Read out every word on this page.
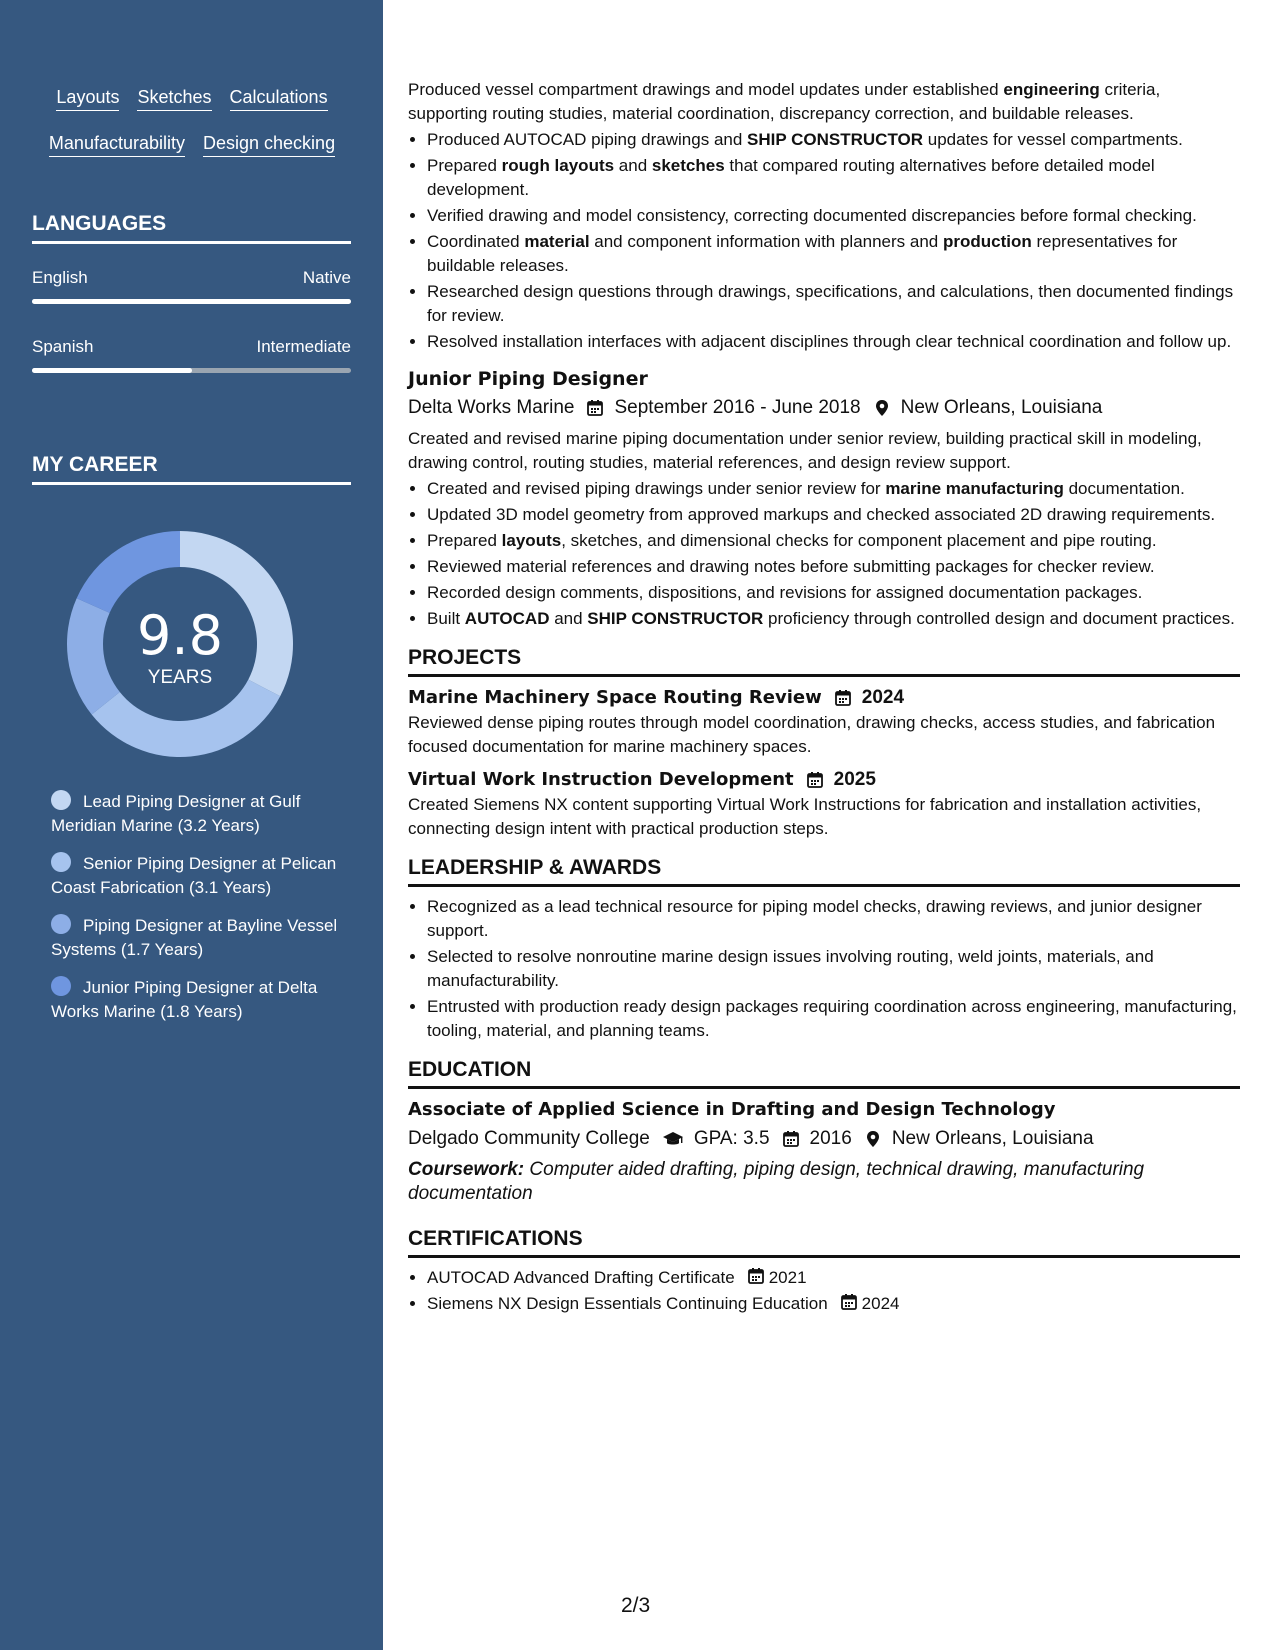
Layouts Sketches Calculations
Manufacturability Design checking
LANGUAGES
English	Native
Spanish	Intermediate
MY CAREER
9.8
YEARS
Lead Piping Designer at Gulf Meridian Marine (3.2 Years)
Senior Piping Designer at Pelican Coast Fabrication (3.1 Years)
Piping Designer at Bayline Vessel Systems (1.7 Years)
Junior Piping Designer at Delta Works Marine (1.8 Years)

Produced vessel compartment drawings and model updates under established engineering criteria, supporting routing studies, material coordination, discrepancy correction, and buildable releases.

• Produced AUTOCAD piping drawings and SHIP CONSTRUCTOR updates for vessel compartments.
• Prepared rough layouts and sketches that compared routing alternatives before detailed model development.
• Verified drawing and model consistency, correcting documented discrepancies before formal checking.
• Coordinated material and component information with planners and production representatives for buildable releases.
• Researched design questions through drawings, specifications, and calculations, then documented findings for review.
• Resolved installation interfaces with adjacent disciplines through clear technical coordination and follow up.
Junior Piping Designer
Delta Works Marine September 2016 - June 2018 New Orleans, Louisiana

Created and revised marine piping documentation under senior review, building practical skill in modeling, drawing control, routing studies, material references, and design review support.

• Created and revised piping drawings under senior review for marine manufacturing documentation.
• Updated 3D model geometry from approved markups and checked associated 2D drawing requirements.
• Prepared layouts, sketches, and dimensional checks for component placement and pipe routing.
• Reviewed material references and drawing notes before submitting packages for checker review.
• Recorded design comments, dispositions, and revisions for assigned documentation packages.
• Built AUTOCAD and SHIP CONSTRUCTOR proficiency through controlled design and document practices.
PROJECTS
Marine Machinery Space Routing Review 2024

Reviewed dense piping routes through model coordination, drawing checks, access studies, and fabrication focused documentation for marine machinery spaces.

Virtual Work Instruction Development 2025

Created Siemens NX content supporting Virtual Work Instructions for fabrication and installation activities, connecting design intent with practical production steps.

LEADERSHIP & AWARDS
• Recognized as a lead technical resource for piping model checks, drawing reviews, and junior designer support.
• Selected to resolve nonroutine marine design issues involving routing, weld joints, materials, and manufacturability.
• Entrusted with production ready design packages requiring coordination across engineering, manufacturing, tooling, material, and planning teams.
EDUCATION
Associate of Applied Science in Drafting and Design Technology
Delgado Community College GPA: 3.5 2016 New Orleans, Louisiana
Coursework: Computer aided drafting, piping design, technical drawing, manufacturing documentation
CERTIFICATIONS
• AUTOCAD Advanced Drafting Certificate 2021
• Siemens NX Design Essentials Continuing Education 2024
2/3
